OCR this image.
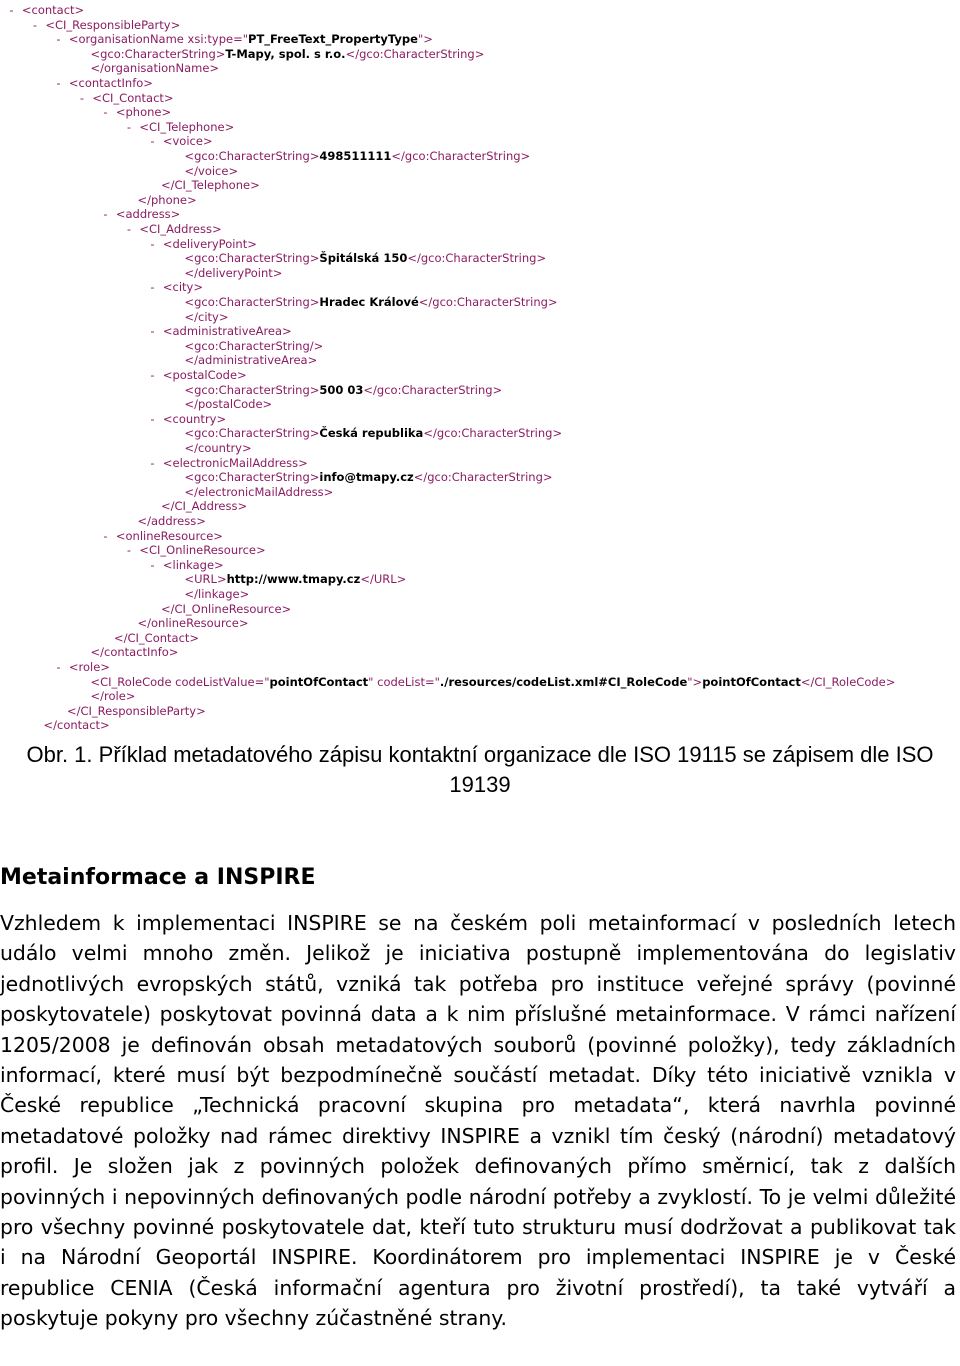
- <contact>
- <CI_ResponsibleParty>
- <organisationName xsi:type="PT_FreeText_PropertyType">
<gco:CharacterString>T-Mapy, spol. s r.o.</gco:CharacterString>
</organisationName>
- <contactInfo>
- <CI_Contact>
- <phone>
- <CI_Telephone>
- <voice>
<gco:CharacterString>498511111</gco:CharacterString>
</voice>
</CI_Telephone>
</phone>
- <address>
- <CI_Address>
- <deliveryPoint>
<gco:CharacterString>Špitálská 150</gco:CharacterString>
</deliveryPoint>
- <city>
<gco:CharacterString>Hradec Králové</gco:CharacterString>
</city>
- <administrativeArea>
<gco:CharacterString/>
</administrativeArea>
- <postalCode>
<gco:CharacterString>500 03</gco:CharacterString>
</postalCode>
- <country>
<gco:CharacterString>Česká republika</gco:CharacterString>
</country>
- <electronicMailAddress>
<gco:CharacterString>info@tmapy.cz</gco:CharacterString>
</electronicMailAddress>
</CI_Address>
</address>
- <onlineResource>
- <CI_OnlineResource>
- <linkage>
<URL>http://www.tmapy.cz</URL>
</linkage>
</CI_OnlineResource>
</onlineResource>
</CI_Contact>
</contactInfo>
- <role>
<CI_RoleCode codeListValue="pointOfContact" codeList="./resources/codeList.xml#CI_RoleCode">pointOfContact</CI_RoleCode>
</role>
</CI_ResponsibleParty>
</contact>

Obr. 1. Příklad metadatového zápisu kontaktní organizace dle ISO 19115 se zápisem dle ISO 19139

Metainformace a INSPIRE

Vzhledem k implementaci INSPIRE se na českém poli metainformací v posledních letech událo velmi mnoho změn. Jelikož je iniciativa postupně implementována do legislativ jednotlivých evropských států, vzniká tak potřeba pro instituce veřejné správy (povinné poskytovatele) poskytovat povinná data a k nim příslušné metainformace. V rámci nařízení 1205/2008 je definován obsah metadatových souborů (povinné položky), tedy základních informací, které musí být bezpodmínečně součástí metadat. Díky této iniciativě vznikla v České republice „Technická pracovní skupina pro metadata“, která navrhla povinné metadatové položky nad rámec direktivy INSPIRE a vznikl tím český (národní) metadatový profil. Je složen jak z povinných položek definovaných přímo směrnicí, tak z dalších povinných i nepovinných definovaných podle národní potřeby a zvyklostí. To je velmi důležité pro všechny povinné poskytovatele dat, kteří tuto strukturu musí dodržovat a publikovat tak i na Národní Geoportál INSPIRE. Koordinátorem pro implementaci INSPIRE je v České republice CENIA (Česká informační agentura pro životní prostředí), ta také vytváří a poskytuje pokyny pro všechny zúčastněné strany.
